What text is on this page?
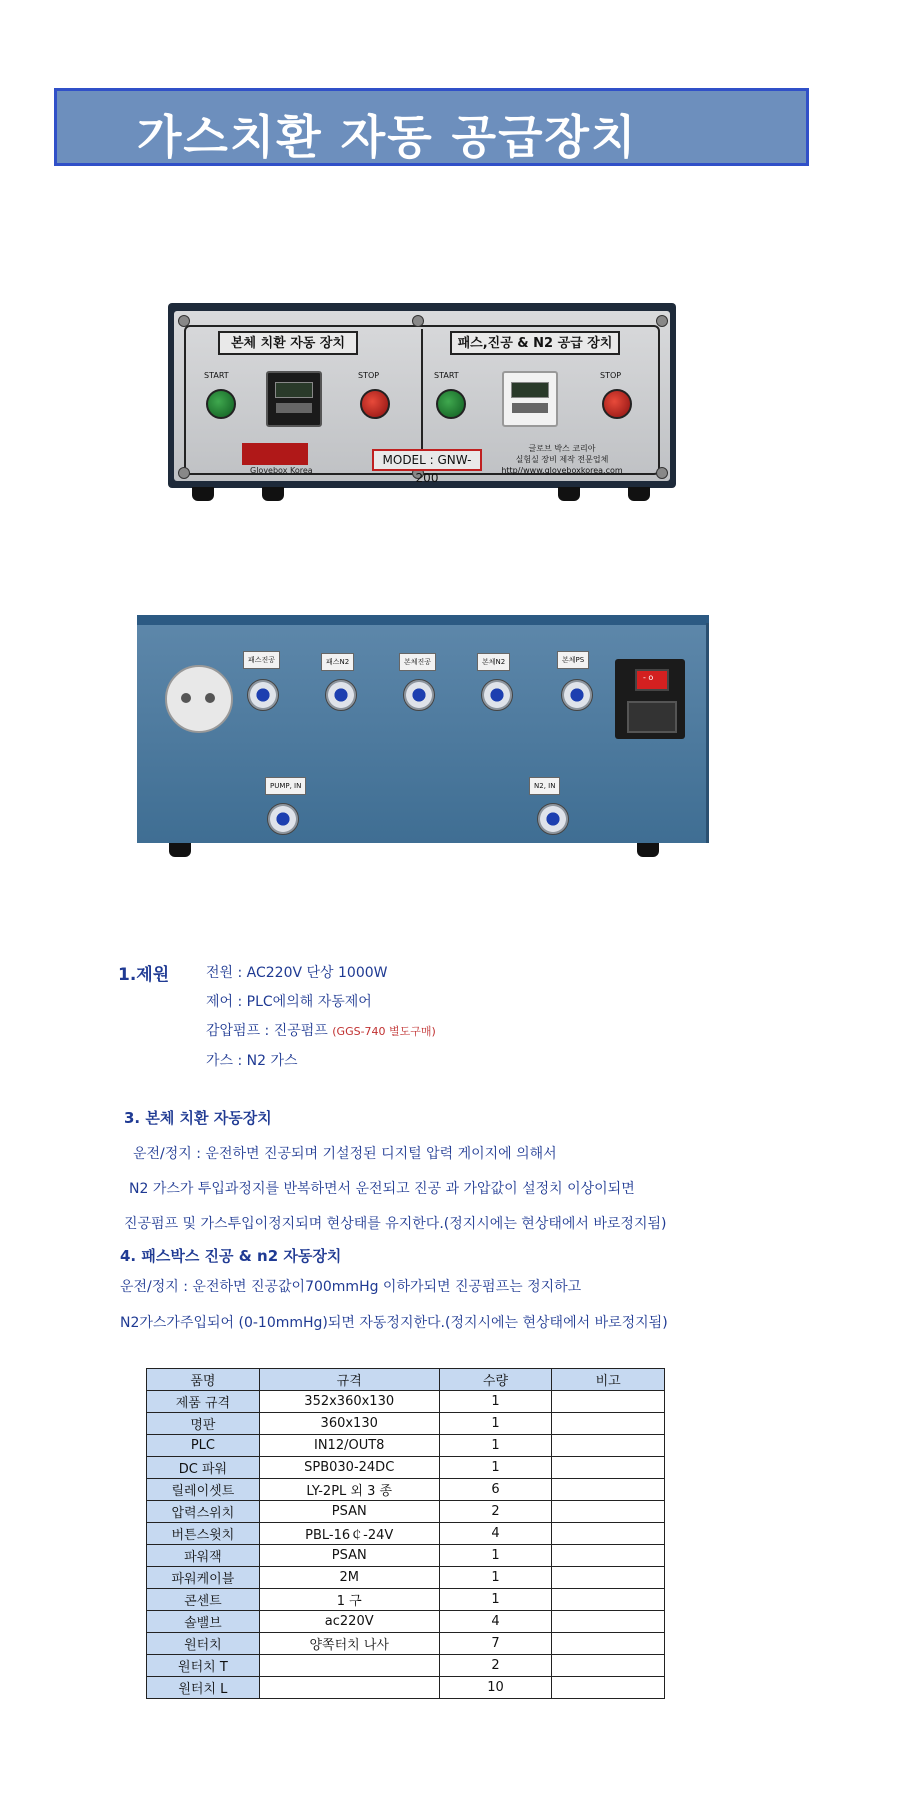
가스치환 자동 공급장치
본체 치환 자동 장치	패스,진공 & N2 공급 장치
START	STOP	START	STOP
Glovebox Korea
MODEL : GNW-200
글로브 박스 코리아
실험실 장비 제작 전문업체
http//www.gloveboxkorea.com
패스진공	패스N2	본체진공	본체N2	본체PS
- o
PUMP, IN	N2, IN
1.제원	전원 : AC220V 단상 1000W
제어 : PLC에의해 자동제어
감압펌프 : 진공펌프 (GGS-740 별도구매)
가스 : N2 가스
3. 본체 치환 자동장치
운전/정지 : 운전하면 진공되며 기설정된 디지털 압력 게이지에 의해서
N2 가스가 투입과정지를 반복하면서 운전되고 진공 과 가압값이 설정치 이상이되면
진공펌프 및 가스투입이정지되며 현상태를 유지한다.(정지시에는 현상태에서 바로정지됨)
4. 패스박스 진공 & n2 자동장치
운전/정지 : 운전하면 진공값이700mmHg 이하가되면 진공펌프는 정지하고
N2가스가주입되어 (0-10mmHg)되면 자동정지한다.(정지시에는 현상태에서 바로정지됨)
품명	규격	수량	비고
제품 규격	352x360x130	1	
명판	360x130	1	
PLC	IN12/OUT8	1	
DC 파워	SPB030-24DC	1	
릴레이셋트	LY-2PL 외 3 종	6	
압력스위치	PSAN	2	
버튼스윗치	PBL-16￠-24V	4	
파워잭	PSAN	1	
파워케이블	2M	1	
콘센트	1 구	1	
솔밸브	ac220V	4	
원터치	양쪽터치 나사	7	
원터치 T		2	
원터치 L		10	
